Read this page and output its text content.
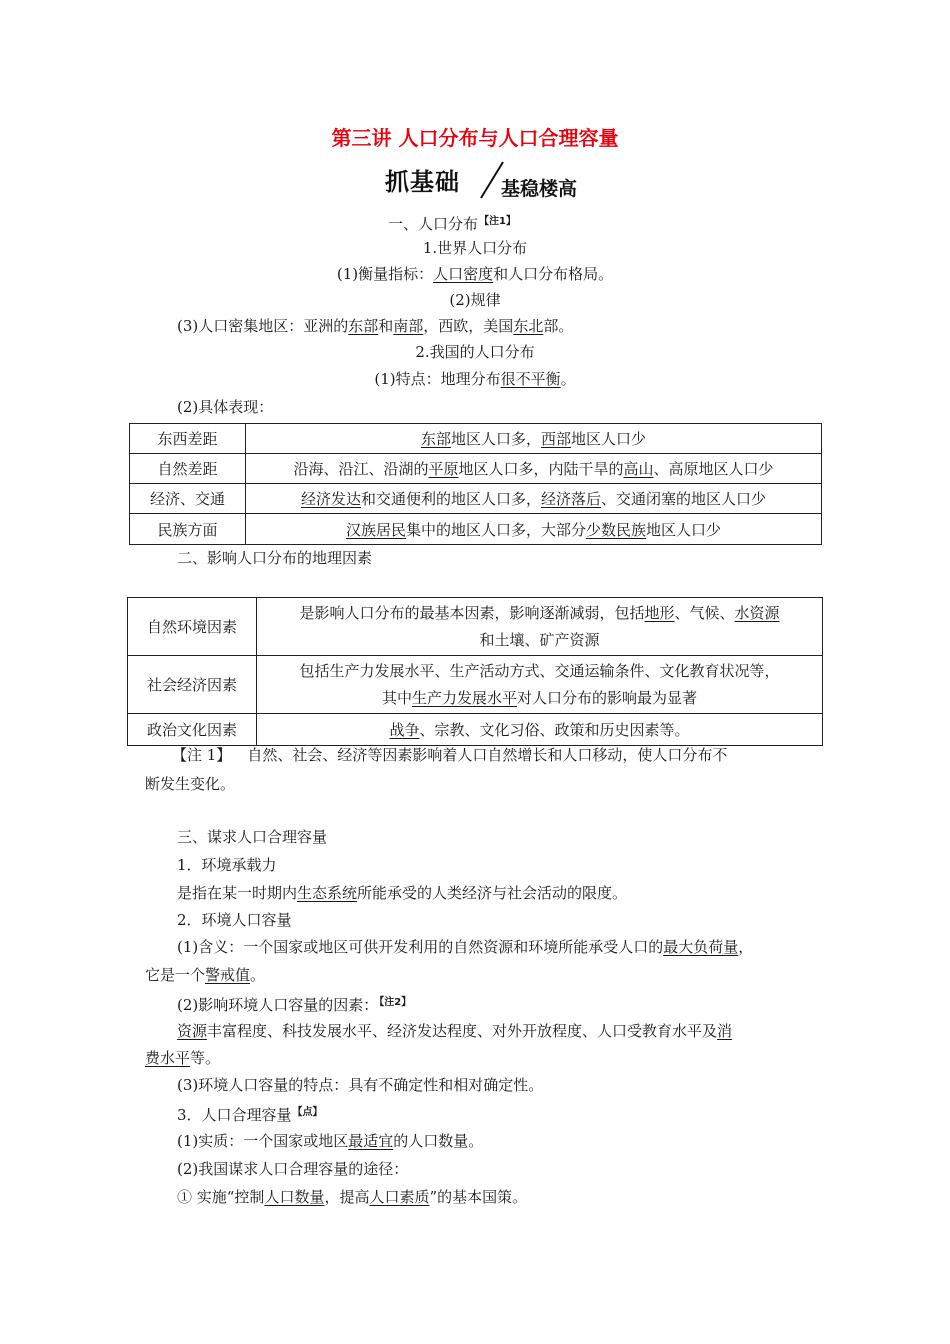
第三讲 人口分布与人口合理容量
抓基础 基稳楼高
一、人口分布$^{【注1】}$
1.世界人口分布
(1)衡量指标：人口密度和人口分布格局。
(2)规律
(3)人口密集地区：亚洲的东部和南部，西欧，美国东北部。
2.我国的人口分布
(1)特点：地理分布很不平衡。
(2)具体表现：
东西差距	东部地区人口多，西部地区人口少
自然差距	沿海、沿江、沿湖的平原地区人口多，内陆干旱的高山、高原地区人口少
经济、交通	经济发达和交通便利的地区人口多，经济落后、交通闭塞的地区人口少
民族方面	汉族居民集中的地区人口多，大部分少数民族地区人口少
二、影响人口分布的地理因素
自然环境因素	是影响人口分布的最基本因素，影响逐渐减弱，包括地形、气候、水资源
和土壤、矿产资源
社会经济因素	包括生产力发展水平、生产活动方式、交通运输条件、文化教育状况等，
其中生产力发展水平对人口分布的影响最为显著
政治文化因素	战争、宗教、文化习俗、政策和历史因素等。
【注 1】 自然、社会、经济等因素影响着人口自然增长和人口移动，使人口分布不
断发生变化。
三、谋求人口合理容量
1．环境承载力
是指在某一时期内生态系统所能承受的人类经济与社会活动的限度。
2．环境人口容量
(1)含义：一个国家或地区可供开发利用的自然资源和环境所能承受人口的最大负荷量，
它是一个警戒值。
(2)影响环境人口容量的因素：$^{【注2】}$
资源丰富程度、科技发展水平、经济发达程度、对外开放程度、人口受教育水平及消
费水平等。
(3)环境人口容量的特点：具有不确定性和相对确定性。
3．人口合理容量$^{【点】}$
(1)实质：一个国家或地区最适宜的人口数量。
(2)我国谋求人口合理容量的途径：
① 实施“控制人口数量，提高人口素质”的基本国策。
